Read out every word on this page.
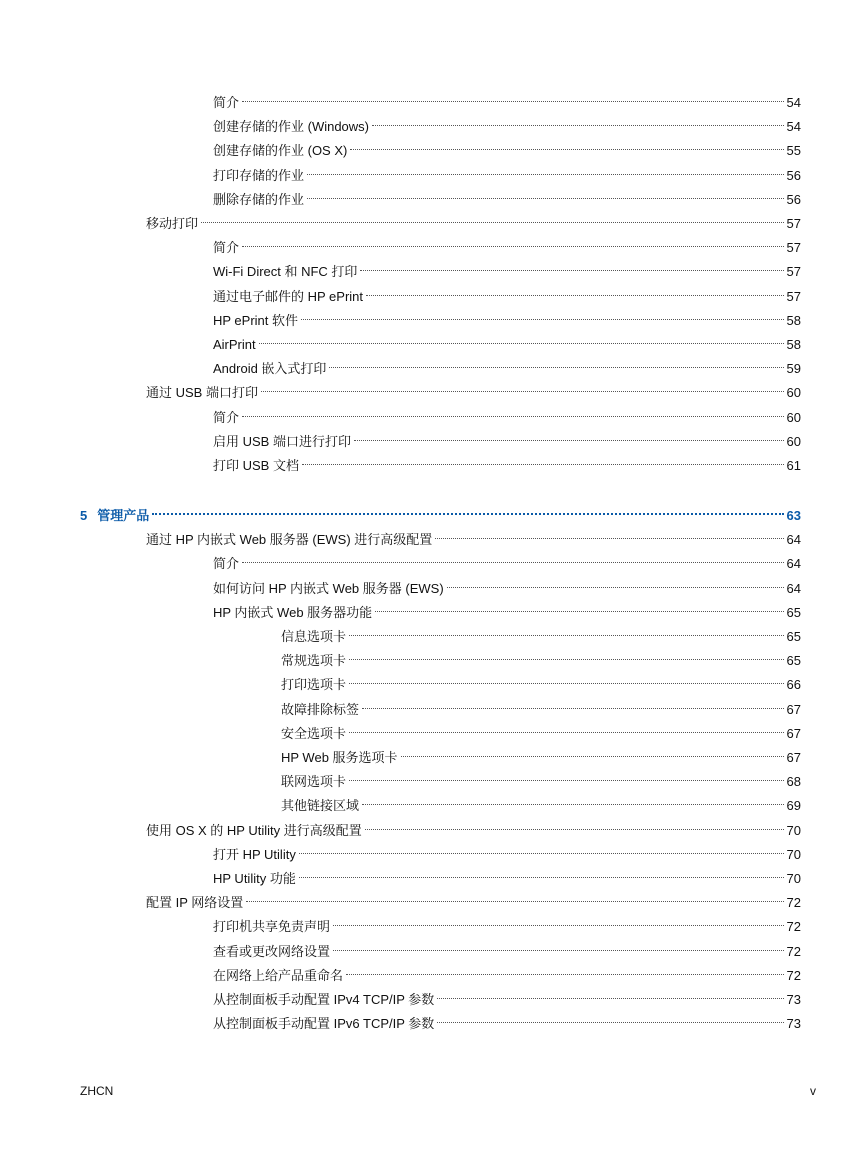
简介	54
创建存储的作业 (Windows)	54
创建存储的作业 (OS X)	55
打印存储的作业	56
删除存储的作业	56
移动打印	57
简介	57
Wi-Fi Direct 和 NFC 打印	57
通过电子邮件的 HP ePrint	57
HP ePrint 软件	58
AirPrint	58
Android 嵌入式打印	59
通过 USB 端口打印	60
简介	60
启用 USB 端口进行打印	60
打印 USB 文档	61
5 管理产品	63
通过 HP 内嵌式 Web 服务器 (EWS) 进行高级配置	64
简介	64
如何访问 HP 内嵌式 Web 服务器 (EWS)	64
HP 内嵌式 Web 服务器功能	65
信息选项卡	65
常规选项卡	65
打印选项卡	66
故障排除标签	67
安全选项卡	67
HP Web 服务选项卡	67
联网选项卡	68
其他链接区域	69
使用 OS X 的 HP Utility 进行高级配置	70
打开 HP Utility	70
HP Utility 功能	70
配置 IP 网络设置	72
打印机共享免责声明	72
查看或更改网络设置	72
在网络上给产品重命名	72
从控制面板手动配置 IPv4 TCP/IP 参数	73
从控制面板手动配置 IPv6 TCP/IP 参数	73
ZHCN	v
